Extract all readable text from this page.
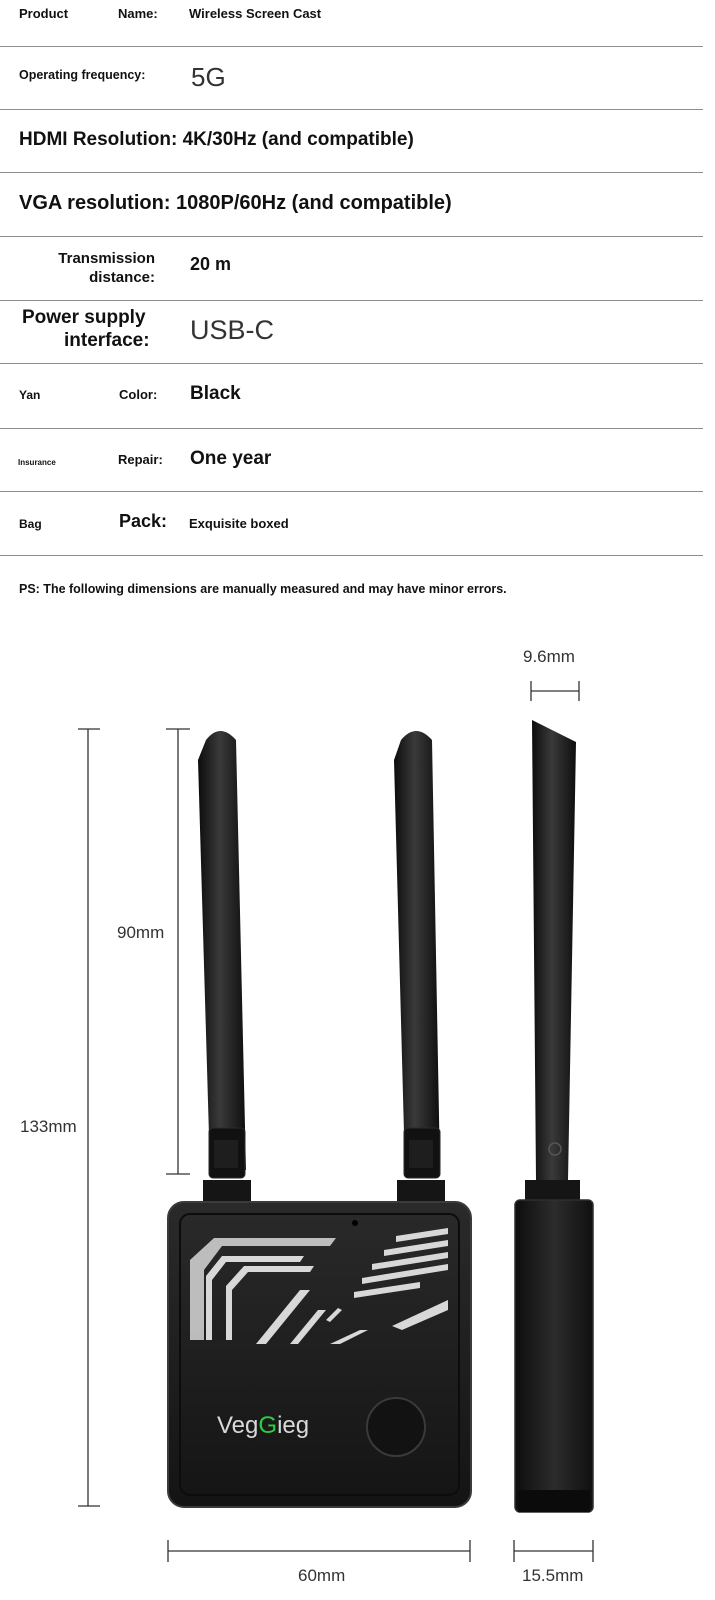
Product	Name: Wireless Screen Cast
Operating frequency: 5G
HDMI Resolution: 4K/30Hz (and compatible)
VGA resolution: 1080P/60Hz (and compatible)
Transmission
distance:
20 m
Power supply
interface: USB-C
Yan	Color: Black
Insurance	Repair: One year
Bag	Pack: Exquisite boxed
PS: The following dimensions are manually measured and may have minor errors.
133mm
90mm
9.6mm
60mm	15.5mm
VegGieg
